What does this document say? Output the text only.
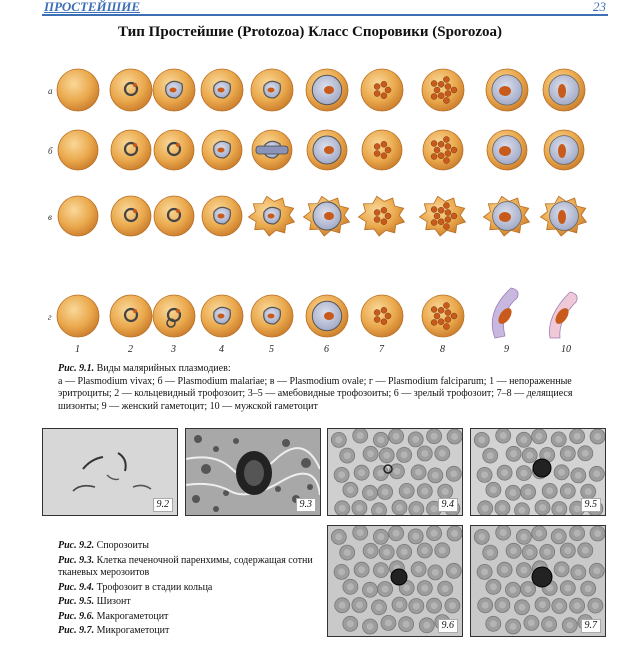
ПРОСТЕЙШИЕ	23
Тип Простейшие (Protozoa) Класс Споровики (Sporozoa)
а
б
в
г
1	2	3	4	5	6	7	8	9	10
Рис. 9.1. Виды малярийных плазмодиев:
а — Plasmodium vivax; б — Plasmodium malariae; в — Plasmodium ovale; г — Plasmodium falciparum; 1 — непораженные эритроциты; 2 — кольцевидный трофозоит; 3–5 — амебовидные трофозоиты; 6 — зрелый трофозоит; 7–8 — делящиеся шизонты; 9 — женский гаметоцит; 10 — мужской гаметоцит
9.2	9.3	9.4	9.5
9.6	9.7
Рис. 9.2. Спорозоиты
Рис. 9.3. Клетка печеночной паренхимы, содержащая сотни тканевых мерозоитов
Рис. 9.4. Трофозоит в стадии кольца
Рис. 9.5. Шизонт
Рис. 9.6. Макрогаметоцит
Рис. 9.7. Микрогаметоцит
